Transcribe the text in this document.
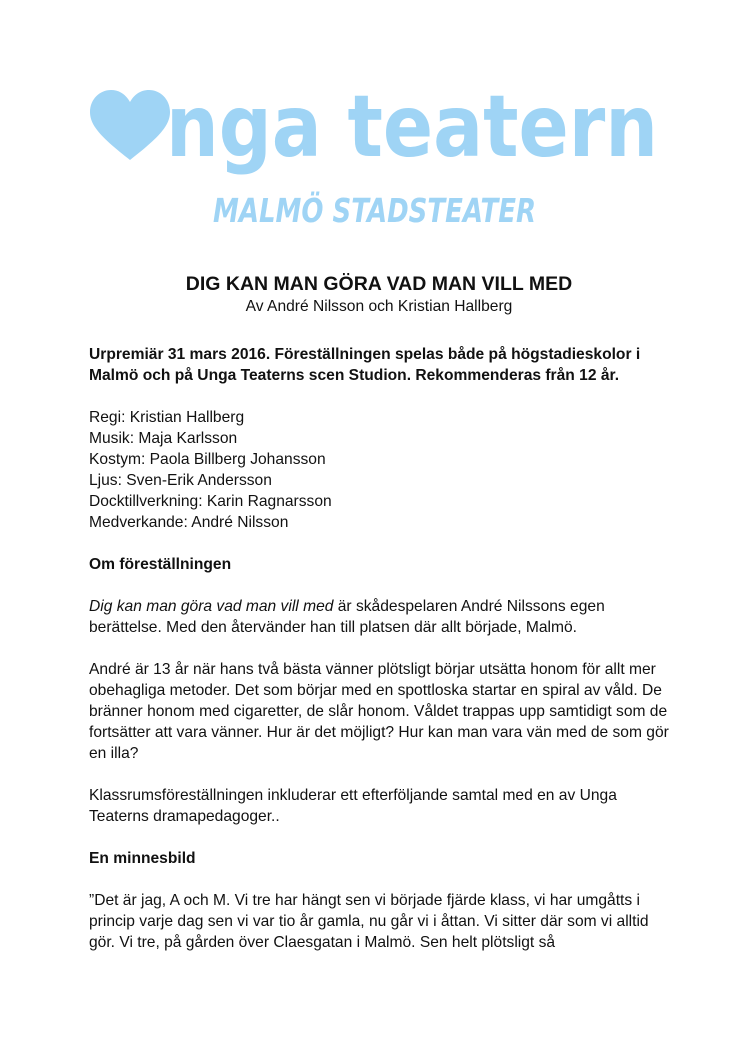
nga teatern
MALMÖ STADSTEATER

DIG KAN MAN GÖRA VAD MAN VILL MED

Av André Nilsson och Kristian Hallberg

Urpremiär 31 mars 2016. Föreställningen spelas både på högstadieskolor i Malmö och på Unga Teaterns scen Studion. Rekommenderas från 12 år.

Regi: Kristian Hallberg

Musik: Maja Karlsson

Kostym: Paola Billberg Johansson

Ljus: Sven-Erik Andersson

Docktillverkning: Karin Ragnarsson

Medverkande: André Nilsson

Om föreställningen

Dig kan man göra vad man vill med är skådespelaren André Nilssons egen berättelse. Med den återvänder han till platsen där allt började, Malmö.

André är 13 år när hans två bästa vänner plötsligt börjar utsätta honom för allt mer obehagliga metoder. Det som börjar med en spottloska startar en spiral av våld. De bränner honom med cigaretter, de slår honom. Våldet trappas upp samtidigt som de fortsätter att vara vänner. Hur är det möjligt? Hur kan man vara vän med de som gör en illa?

Klassrumsföreställningen inkluderar ett efterföljande samtal med en av Unga Teaterns dramapedagoger..

En minnesbild

”Det är jag, A och M. Vi tre har hängt sen vi började fjärde klass, vi har umgåtts i princip varje dag sen vi var tio år gamla, nu går vi i åttan. Vi sitter där som vi alltid gör. Vi tre, på gården över Claesgatan i Malmö. Sen helt plötsligt så
